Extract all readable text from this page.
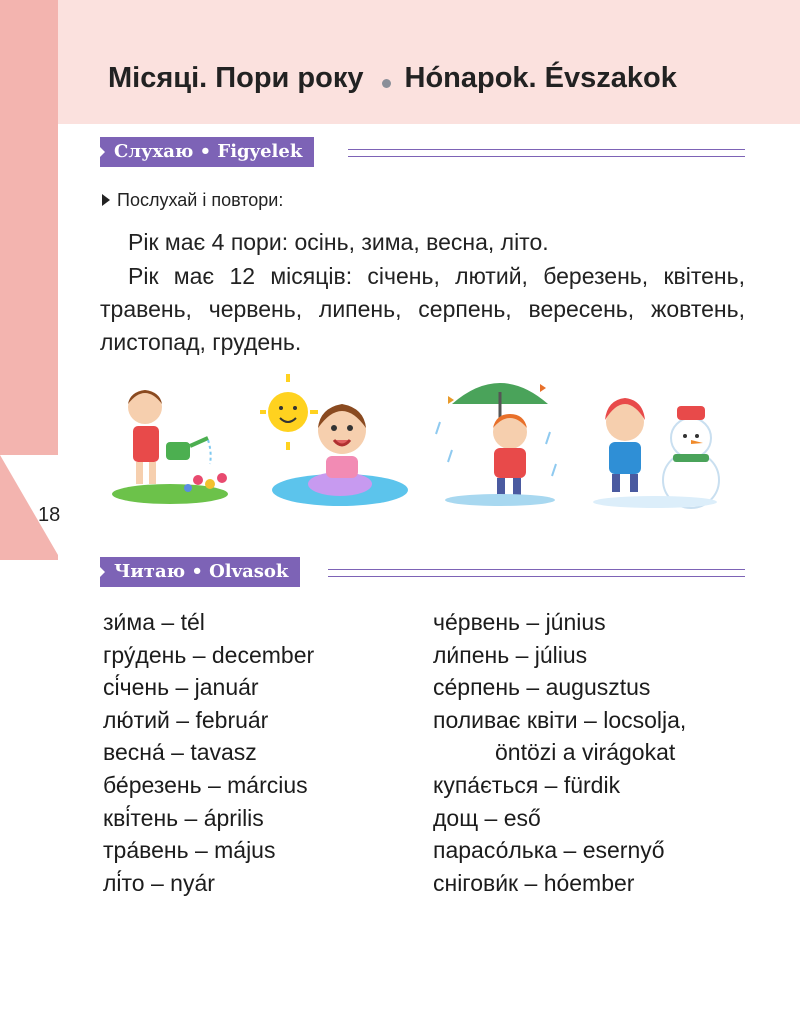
Місяці. Пори року Hónapok. Évszakok
18
Слухаю • Figyelek
Послухай і повтори:
Рік має 4 пори: осінь, зима, весна, літо.
Рік має 12 місяців: січень, лютий, березень, квітень, травень, червень, липень, серпень, вересень, жовтень, листопад, грудень.
Читаю • Olvasok
зи́ма – tél
гру́день – december
сі́чень – január
лю́тий – február
весна́ – tavasz
бе́резень – március
кві́тень – április
тра́вень – május
лі́то – nyár
че́рвень – június
ли́пень – július
се́рпень – augusztus
поливає квіти – locsolja,
öntözi a virágokat
купа́ється – fürdik
дощ – eső
парасо́лька – esernyő
снігови́к – hóember
